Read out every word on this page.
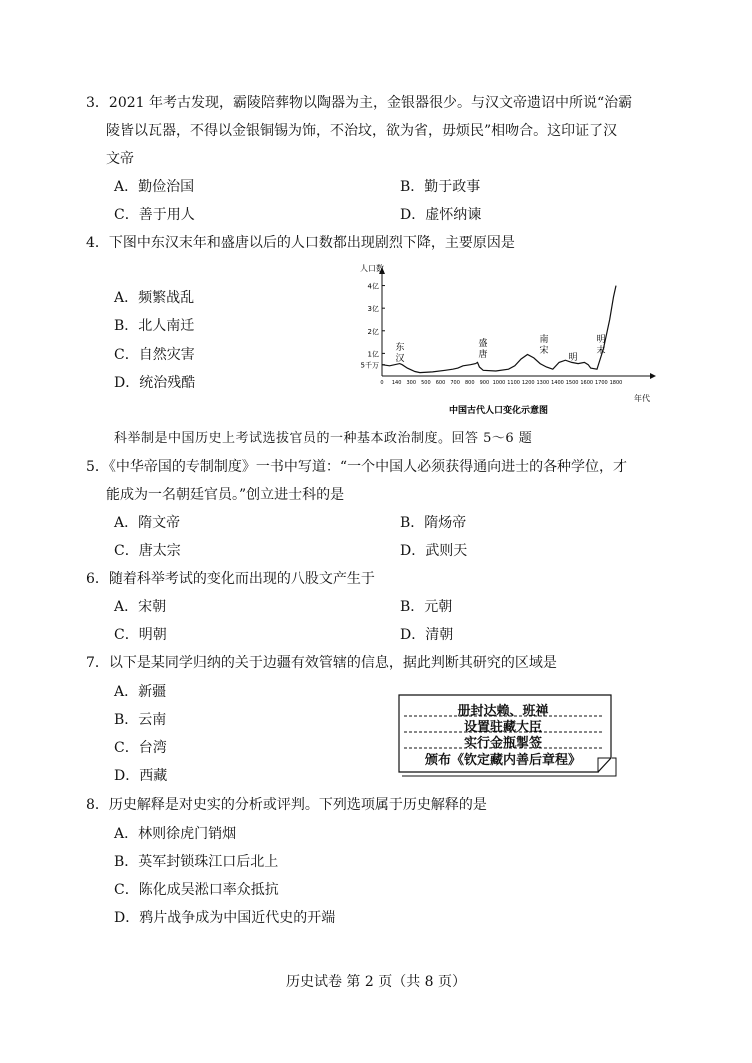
3．2021 年考古发现，霸陵陪葬物以陶器为主，金银器很少。与汉文帝遗诏中所说“治霸
陵皆以瓦器，不得以金银铜锡为饰，不治坟，欲为省，毋烦民”相吻合。这印证了汉
文帝
A．勤俭治国	B．勤于政事
C．善于用人	D．虚怀纳谏
4．下图中东汉末年和盛唐以后的人口数都出现剧烈下降，主要原因是
A．频繁战乱
B．北人南迁
C．自然灾害
D．统治残酷
人口数
年代
5千万
1亿
2亿
3亿
4亿
0 140 300 500 600 700 800 900 1000 1100 1200 1300 1400 1500 1600 1700 1800
东
汉
盛
唐
南
宋
明
明
末
中国古代人口变化示意图
科举制是中国历史上考试选拔官员的一种基本政治制度。回答 5～6 题
5．《中华帝国的专制制度》一书中写道：“一个中国人必须获得通向进士的各种学位，才
能成为一名朝廷官员。”创立进士科的是
A．隋文帝	B．隋炀帝
C．唐太宗	D．武则天
6．随着科举考试的变化而出现的八股文产生于
A．宋朝	B．元朝
C．明朝	D．清朝
7．以下是某同学归纳的关于边疆有效管辖的信息，据此判断其研究的区域是
A．新疆
B．云南
C．台湾
D．西藏
册封达赖、班禅
设置驻藏大臣
实行金瓶掣签
颁布《钦定藏内善后章程》
8．历史解释是对史实的分析或评判。下列选项属于历史解释的是
A．林则徐虎门销烟
B．英军封锁珠江口后北上
C．陈化成吴淞口率众抵抗
D．鸦片战争成为中国近代史的开端
历史试卷 第 2 页（共 8 页）
